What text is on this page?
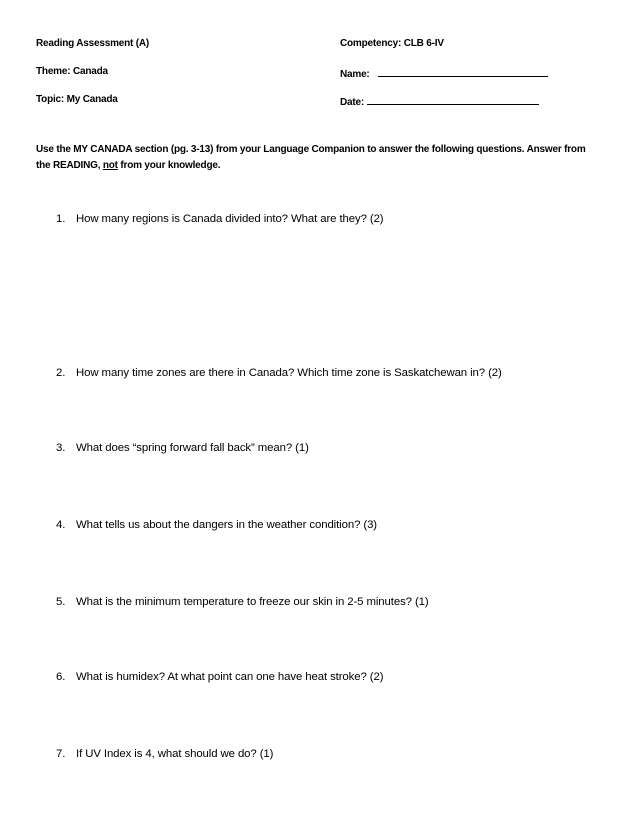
Reading Assessment (A)	Competency: CLB 6-IV
Theme: Canada	Name:
Topic: My Canada	Date:
Use the MY CANADA section (pg. 3-13) from your Language Companion to answer the following questions. Answer from the READING, not from your knowledge.
1. How many regions is Canada divided into? What are they? (2)
2. How many time zones are there in Canada? Which time zone is Saskatchewan in? (2)
3. What does “spring forward fall back” mean? (1)
4. What tells us about the dangers in the weather condition? (3)
5. What is the minimum temperature to freeze our skin in 2-5 minutes? (1)
6. What is humidex? At what point can one have heat stroke? (2)
7. If UV Index is 4, what should we do? (1)
